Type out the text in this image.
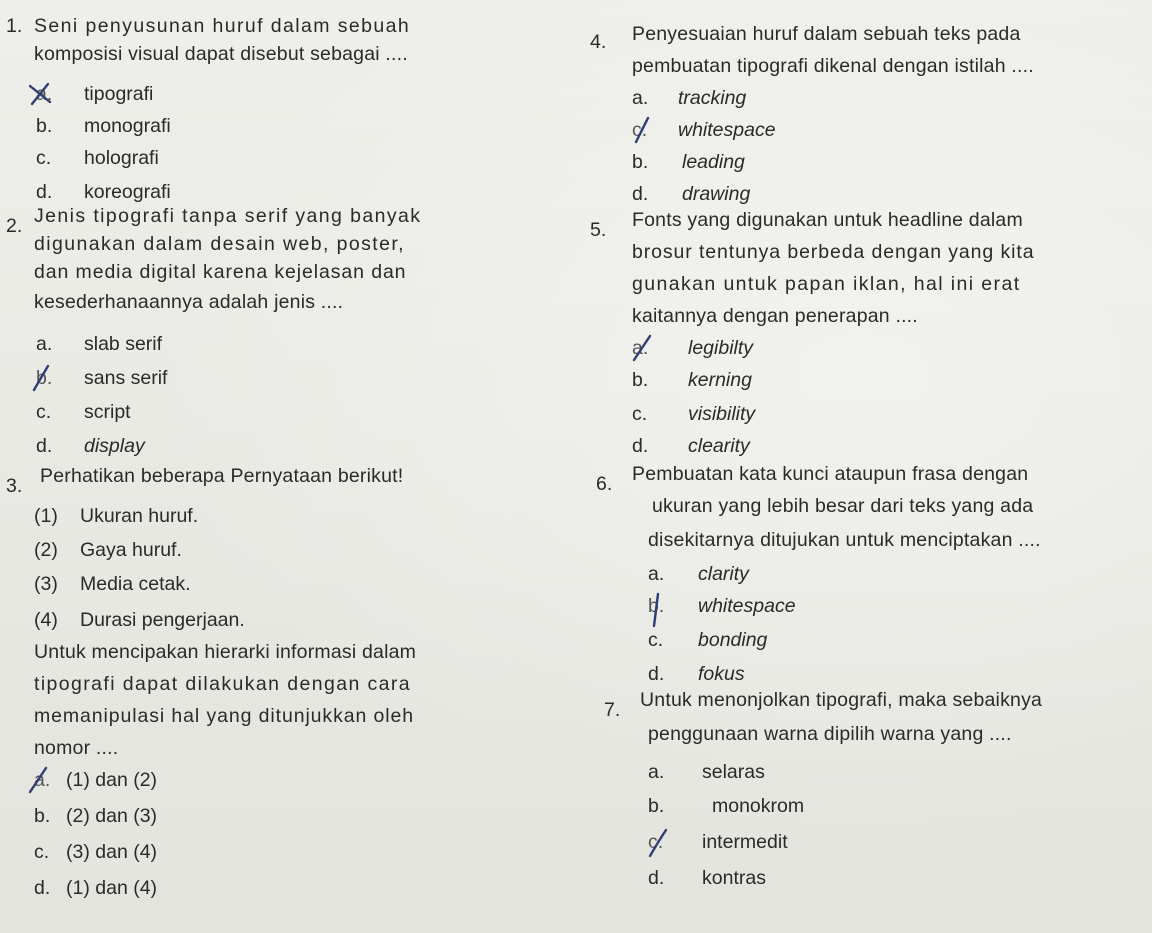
1. Seni penyusunan huruf dalam sebuah
komposisi visual dapat disebut sebagai ....
a. tipografi
b. monografi
c. holografi
d. koreografi
2. Jenis tipografi tanpa serif yang banyak
digunakan dalam desain web, poster,
dan media digital karena kejelasan dan
kesederhanaannya adalah jenis ....
a. slab serif
b. sans serif
c. script
d. display
3. Perhatikan beberapa Pernyataan berikut!
(1) Ukuran huruf.
(2) Gaya huruf.
(3) Media cetak.
(4) Durasi pengerjaan.
Untuk mencipakan hierarki informasi dalam
tipografi dapat dilakukan dengan cara
memanipulasi hal yang ditunjukkan oleh
nomor ....
a. (1) dan (2)
b. (2) dan (3)
c. (3) dan (4)
d. (1) dan (4)
4. Penyesuaian huruf dalam sebuah teks pada
pembuatan tipografi dikenal dengan istilah ....
a. tracking
c. whitespace
b. leading
d. drawing
5. Fonts yang digunakan untuk headline dalam
brosur tentunya berbeda dengan yang kita
gunakan untuk papan iklan, hal ini erat
kaitannya dengan penerapan ....
a. legibilty
b. kerning
c. visibility
d. clearity
6. Pembuatan kata kunci ataupun frasa dengan
ukuran yang lebih besar dari teks yang ada
disekitarnya ditujukan untuk menciptakan ....
a. clarity
b. whitespace
c. bonding
d. fokus
7. Untuk menonjolkan tipografi, maka sebaiknya
penggunaan warna dipilih warna yang ....
a. selaras
b. monokrom
c. intermedit
d. kontras
